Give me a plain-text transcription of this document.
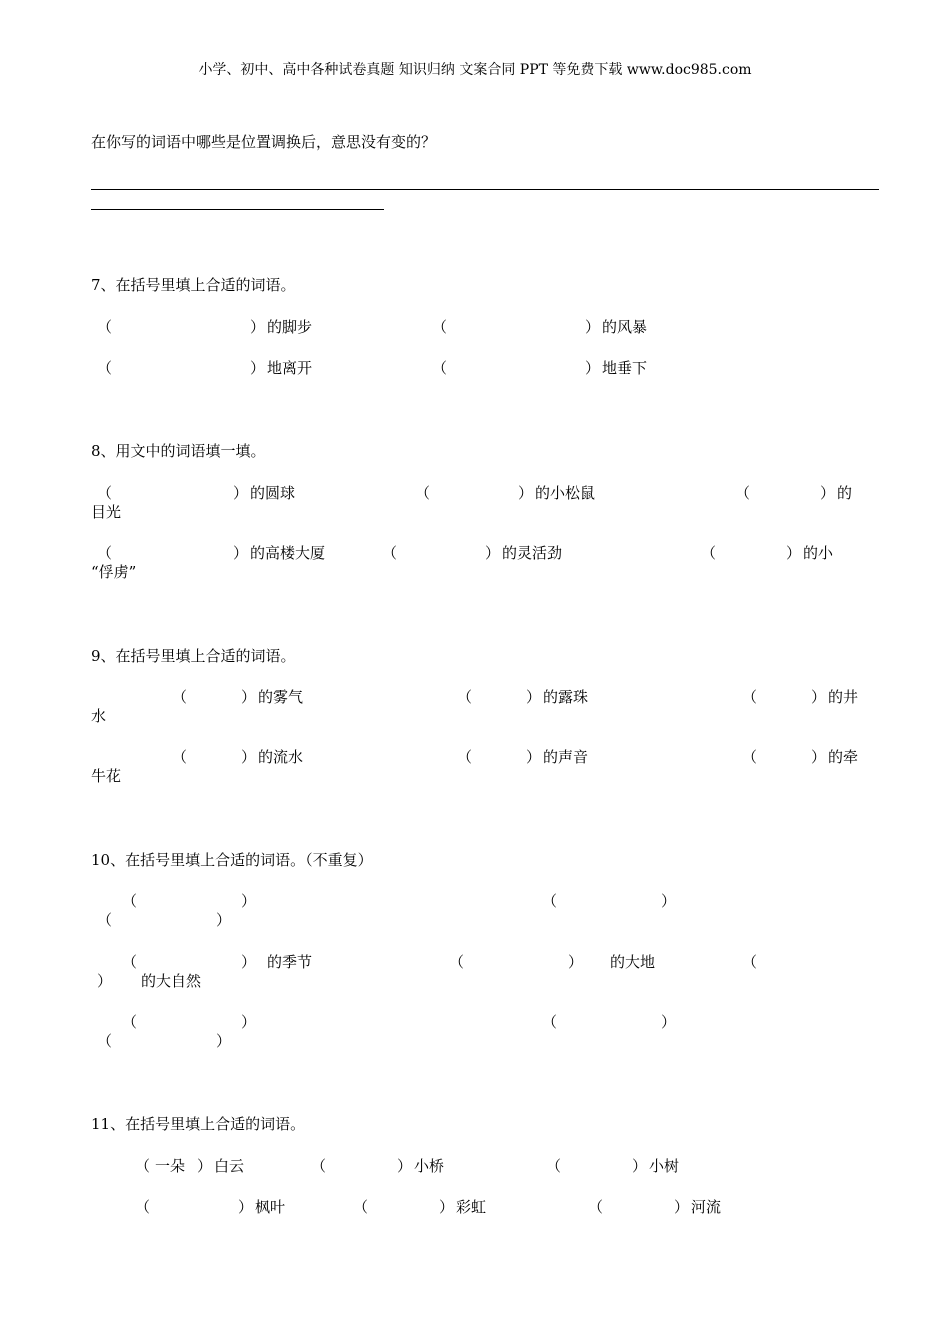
小学、初中、高中各种试卷真题 知识归纳 文案合同 PPT 等免费下载 www.doc985.com
在你写的词语中哪些是位置调换后，意思没有变的？
7、在括号里填上合适的词语。
（	） 的脚步	（	） 的风暴
（	） 地离开	（	） 地垂下
8、用文中的词语填一填。
（	） 的圆球	（	） 的小松鼠	（	） 的
目光
（	） 的高楼大厦	（	） 的灵活劲	（	） 的小
“俘虏”
9、在括号里填上合适的词语。
（	） 的雾气	（	） 的露珠	（	） 的井
水
（	） 的流水	（	） 的声音	（	） 的牵
牛花
10、在括号里填上合适的词语。（不重复）
（	）	（	）
（	）
（	） 的季节	（	） 的大地	（
） 的大自然
（	）	（	）
（	）
11、在括号里填上合适的词语。
（ 一朵 ） 白云	（	） 小桥	（	） 小树
（	） 枫叶	（	） 彩虹	（	） 河流
